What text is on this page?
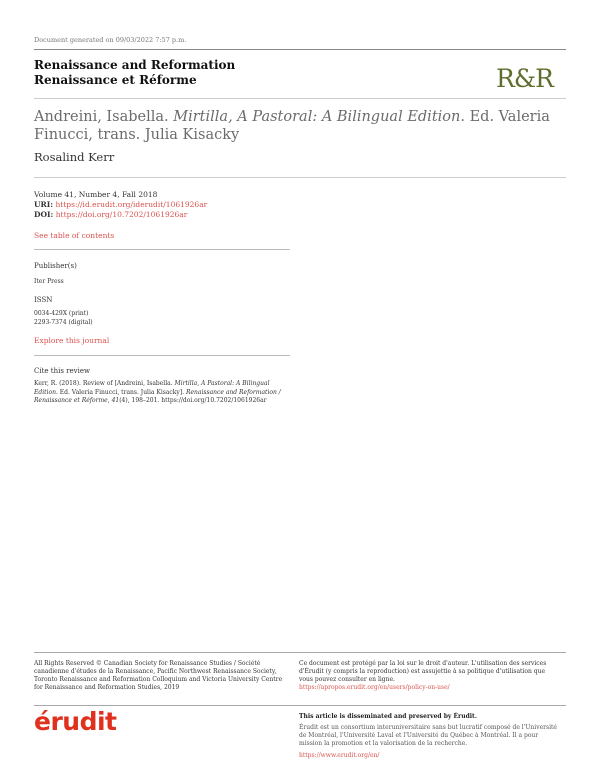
Document generated on 09/03/2022 7:57 p.m.
Renaissance and Reformation
Renaissance et Réforme	R&R
Andreini, Isabella. Mirtilla, A Pastoral: A Bilingual Edition. Ed. Valeria Finucci, trans. Julia Kisacky
Rosalind Kerr
Volume 41, Number 4, Fall 2018
URI: https://id.erudit.org/iderudit/1061926ar
DOI: https://doi.org/10.7202/1061926ar
See table of contents
Publisher(s)
Iter Press
ISSN
0034-429X (print)
2293-7374 (digital)
Explore this journal
Cite this review
Kerr, R. (2018). Review of [Andreini, Isabella. Mirtilla, A Pastoral: A Bilingual Edition. Ed. Valeria Finucci, trans. Julia Kisacky]. Renaissance and Reformation / Renaissance et Réforme, 41(4), 198–201. https://doi.org/10.7202/1061926ar
All Rights Reserved © Canadian Society for Renaissance Studies / Société canadienne d'études de la Renaissance, Pacific Northwest Renaissance Society, Toronto Renaissance and Reformation Colloquium and Victoria University Centre for Renaissance and Reformation Studies, 2019
Ce document est protégé par la loi sur le droit d'auteur. L'utilisation des services d'Érudit (y compris la reproduction) est assujettie à sa politique d'utilisation que vous pouvez consulter en ligne.
https://apropos.erudit.org/en/users/policy-on-use/
érudit	This article is disseminated and preserved by Érudit.
Érudit est un consortium interuniversitaire sans but lucratif composé de l'Université de Montréal, l'Université Laval et l'Université du Québec à Montréal. Il a pour mission la promotion et la valorisation de la recherche.
https://www.erudit.org/en/
